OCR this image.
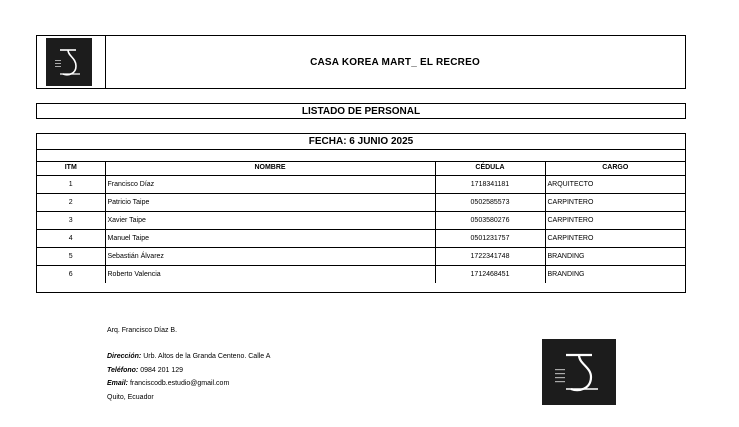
CASA KOREA MART_ EL RECREO
LISTADO DE PERSONAL
FECHA: 6 JUNIO 2025
ITM	NOMBRE	CÉDULA	CARGO
1	Francisco Díaz	1718341181	ARQUITECTO
2	Patricio Taipe	0502585573	CARPINTERO
3	Xavier Taipe	0503580276	CARPINTERO
4	Manuel Taipe	0501231757	CARPINTERO
5	Sebastián Álvarez	1722341748	BRANDING
6	Roberto Valencia	1712468451	BRANDING
Arq. Francisco Díaz B.
Dirección: Urb. Altos de la Granda Centeno. Calle A
Teléfono: 0984 201 129
Email: franciscodb.estudio@gmail.com
Quito, Ecuador
